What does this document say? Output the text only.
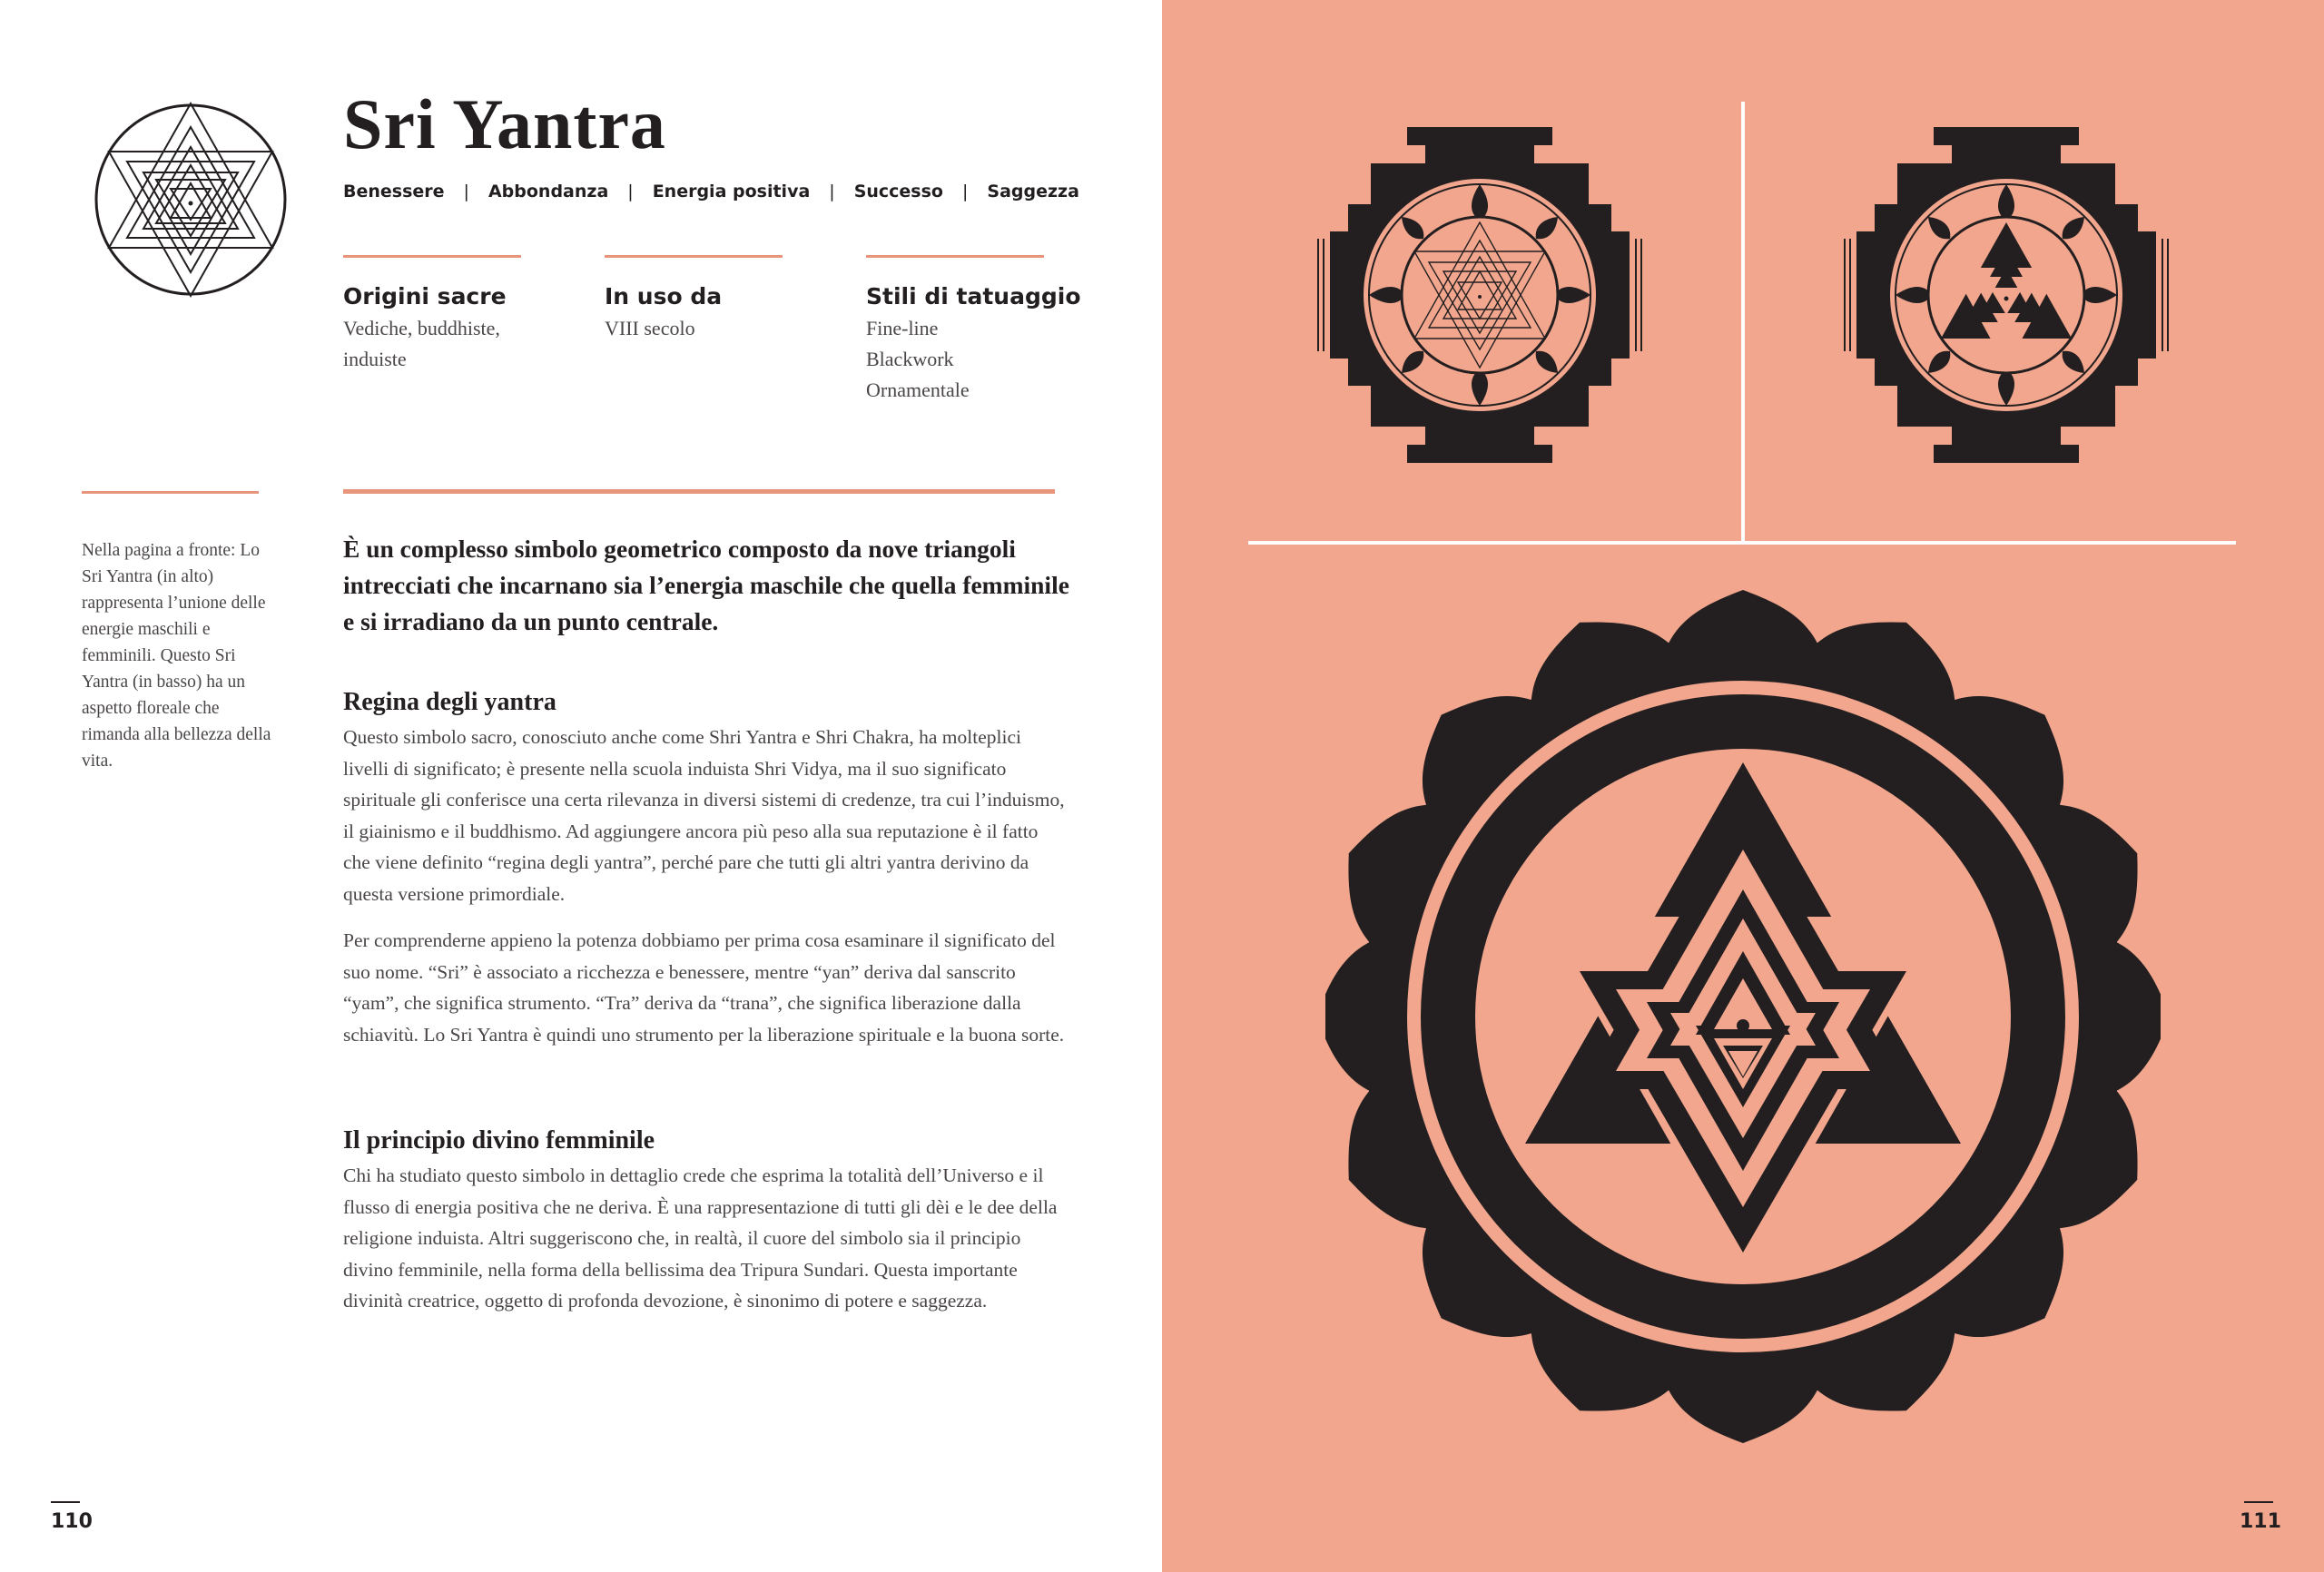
Sri Yantra
Benessere | Abbondanza | Energia positiva | Successo | Saggezza
Origini sacre
Vediche, buddhiste,
induiste
In uso da
VIII secolo
Stili di tatuaggio
Fine-line
Blackwork
Ornamentale
Nella pagina a fronte: Lo Sri Yantra (in alto) rappresenta l’unione delle energie maschili e femminili. Questo Sri Yantra (in basso) ha un aspetto floreale che rimanda alla bellezza della vita.
È un complesso simbolo geometrico composto da nove triangoli intrecciati che incarnano sia l’energia maschile che quella femminile e si irradiano da un punto centrale.
Regina degli yantra

Questo simbolo sacro, conosciuto anche come Shri Yantra e Shri Chakra, ha molteplici livelli di significato; è presente nella scuola induista Shri Vidya, ma il suo significato spirituale gli conferisce una certa rilevanza in diversi sistemi di credenze, tra cui l’induismo, il giainismo e il buddhismo. Ad aggiungere ancora più peso alla sua reputazione è il fatto che viene definito “regina degli yantra”, perché pare che tutti gli altri yantra derivino da questa versione primordiale.

Per comprenderne appieno la potenza dobbiamo per prima cosa esaminare il significato del suo nome. “Sri” è associato a ricchezza e benessere, mentre “yan” deriva dal sanscrito “yam”, che significa strumento. “Tra” deriva da “trana”, che significa liberazione dalla schiavitù. Lo Sri Yantra è quindi uno strumento per la liberazione spirituale e la buona sorte.

Il principio divino femminile

Chi ha studiato questo simbolo in dettaglio crede che esprima la totalità dell’Universo e il flusso di energia positiva che ne deriva. È una rappresentazione di tutti gli dèi e le dee della religione induista. Altri suggeriscono che, in realtà, il cuore del simbolo sia il principio divino femminile, nella forma della bellissima dea Tripura Sundari. Questa importante divinità creatrice, oggetto di profonda devozione, è sinonimo di potere e saggezza.

110	111
